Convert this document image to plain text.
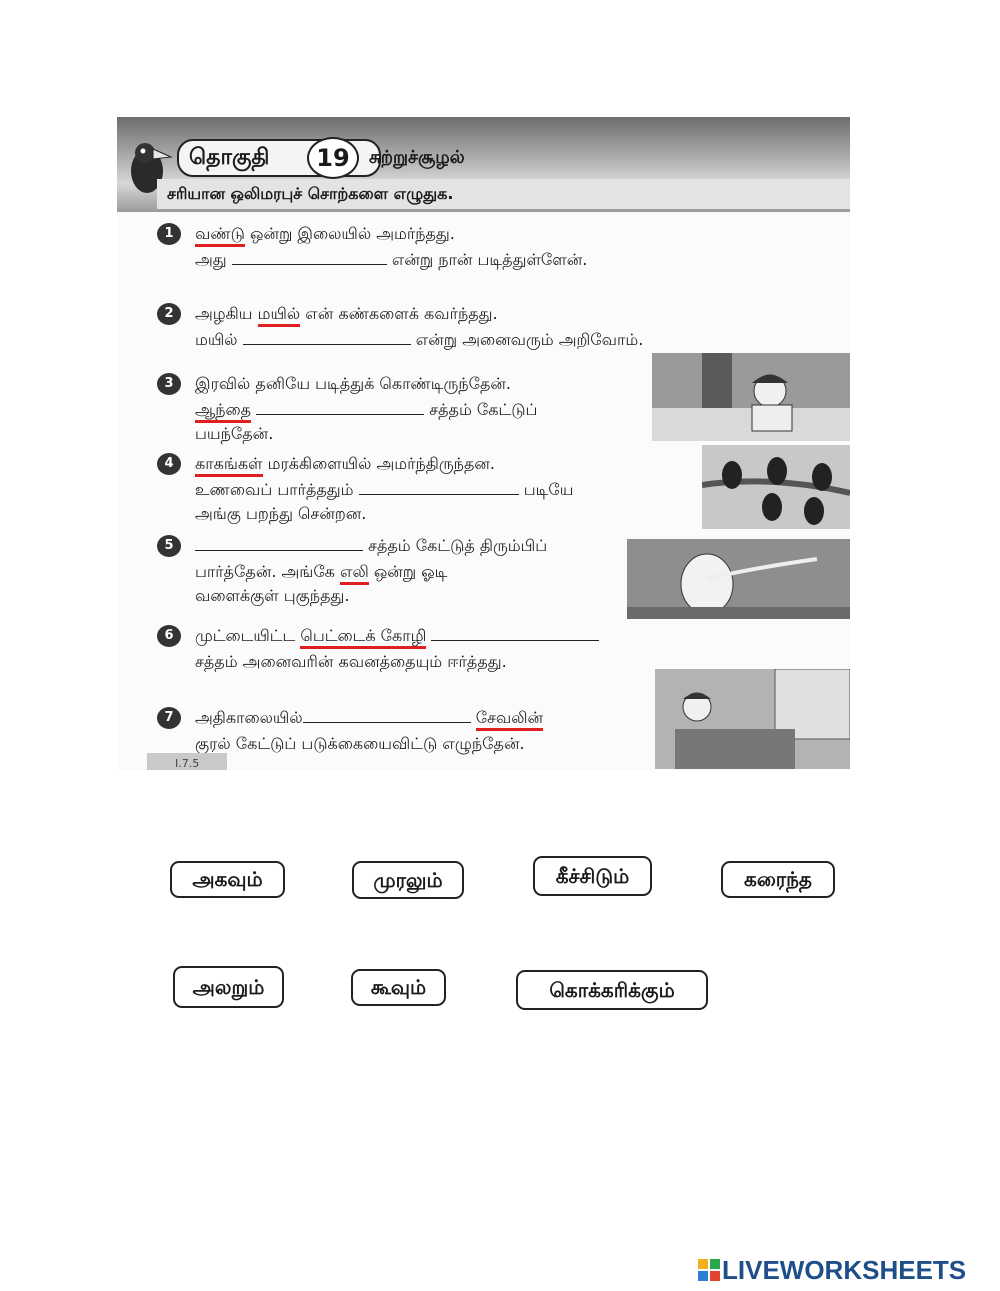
தொகுதி	19	சுற்றுச்சூழல்
சரியான ஒலிமரபுச் சொற்களை எழுதுக.
1	வண்டு ஒன்று இலையில் அமர்ந்தது.
அது	என்று நான் படித்துள்ளேன்.
2	அழகிய மயில் என் கண்களைக் கவர்ந்தது.
மயில்	என்று அனைவரும் அறிவோம்.
3	இரவில் தனியே படித்துக் கொண்டிருந்தேன்.
ஆந்தை	சத்தம் கேட்டுப்
பயந்தேன்.
4	காகங்கள் மரக்கிளையில் அமர்ந்திருந்தன.
உணவைப் பார்த்ததும்	படியே
அங்கு பறந்து சென்றன.
5	சத்தம் கேட்டுத் திரும்பிப்
பார்த்தேன். அங்கே எலி ஒன்று ஓடி
வளைக்குள் புகுந்தது.
6	முட்டையிட்ட பெட்டைக் கோழி
சத்தம் அனைவரின் கவனத்தையும் ஈர்த்தது.
7	அதிகாலையில்	சேவலின்
குரல் கேட்டுப் படுக்கையைவிட்டு எழுந்தேன்.
I.7.5
அகவும்	முரலும்	கீச்சிடும்	கரைந்த
அலறும்	கூவும்	கொக்கரிக்கும்
LIVEWORKSHEETS
